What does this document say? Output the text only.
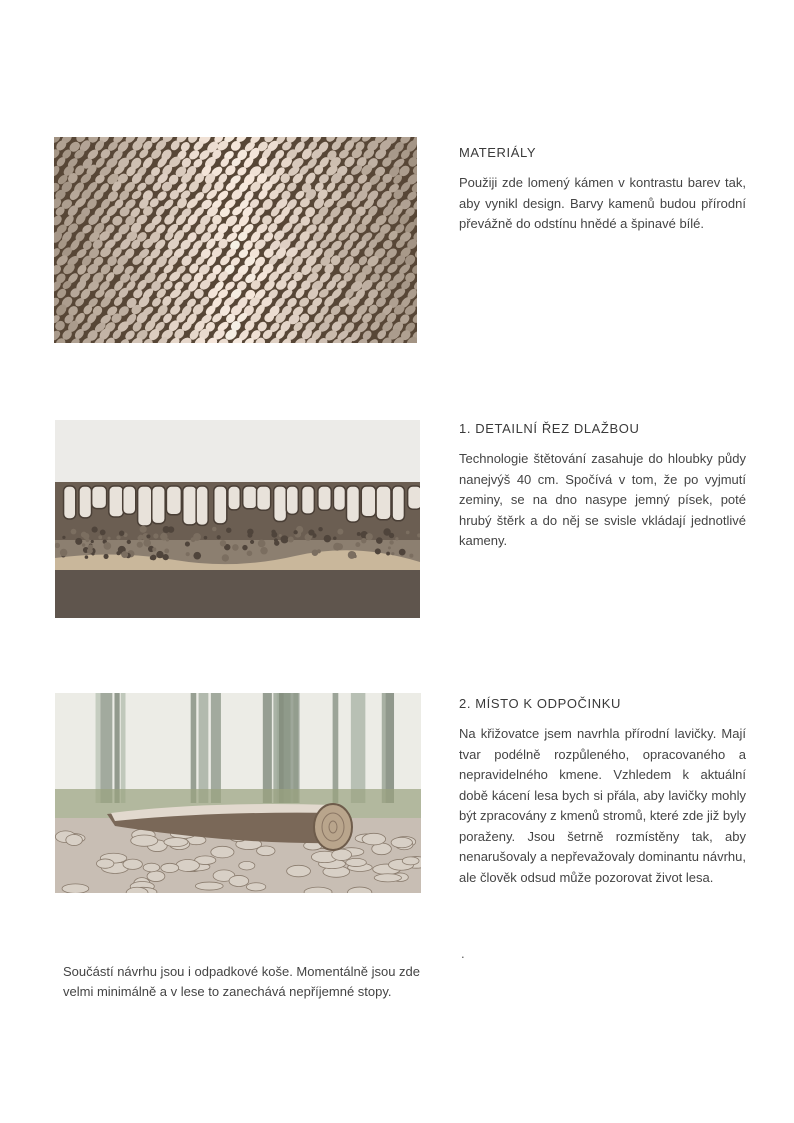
MATERIÁLY

Použiji zde lomený kámen v kontrastu barev tak, aby vynikl design. Barvy kamenů budou přírodní převážně do odstínu hnědé a špinavé bílé.

1. DETAILNÍ ŘEZ DLAŽBOU

Technologie štětování zasahuje do hloubky půdy nanejvýš 40 cm. Spočívá v tom, že po vyjmutí zeminy, se na dno nasype jemný písek, poté hrubý štěrk a do něj se svisle vkládají jednotlivé kameny.

2. MÍSTO K ODPOČINKU

Na křižovatce jsem navrhla přírodní lavičky. Mají tvar podélně rozpůleného, opracovaného a nepravidelného kmene. Vzhledem k aktuální době kácení lesa bych si přála, aby lavičky mohly být zpracovány z kmenů stromů, které zde již byly poraženy. Jsou šetrně rozmístěny tak, aby nenarušovaly a nepřevažovaly dominantu návrhu, ale člověk odsud může pozorovat život lesa.

.

Součástí návrhu jsou i odpadkové koše. Momentálně jsou zde velmi minimálně a v lese to zanechává nepříjemné stopy.
